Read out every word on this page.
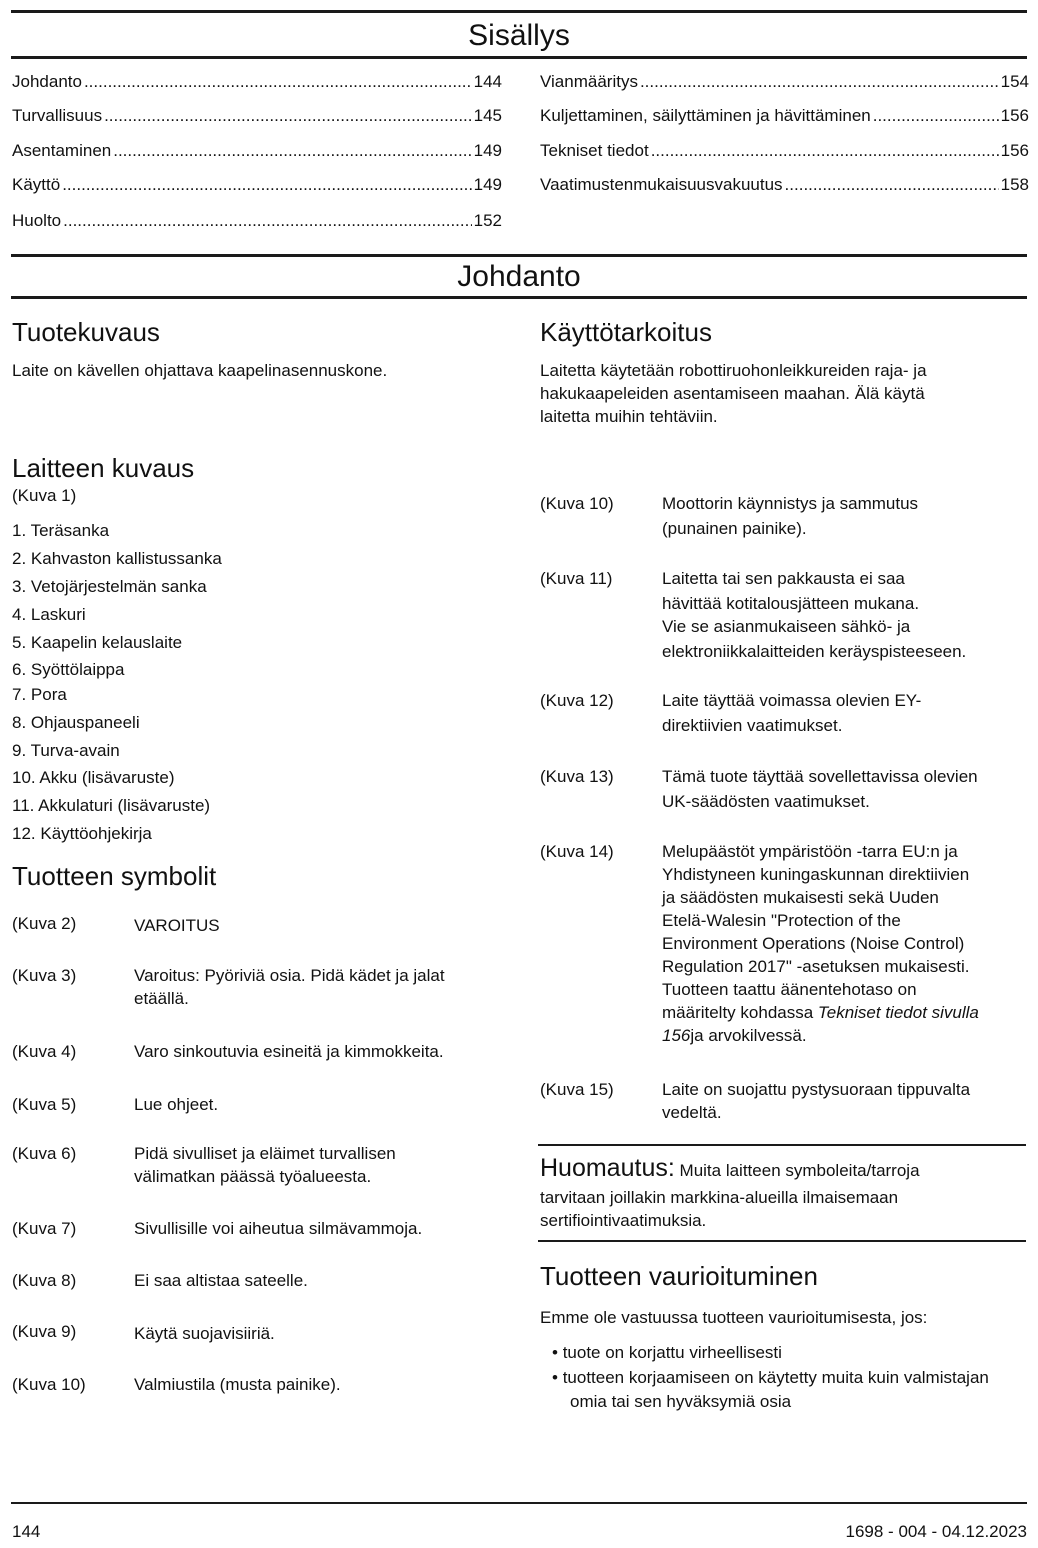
Sisällys
Johdanto .....	144
Turvallisuus .....	145
Asentaminen .....	149
Käyttö .....	149
Huolto .....	152
Vianmääritys .....	154
Kuljettaminen, säilyttäminen ja hävittäminen .....	156
Tekniset tiedot .....	156
Vaatimustenmukaisuusvakuutus .....	158
Johdanto
Tuotekuvaus
Laite on kävellen ohjattava kaapelinasennuskone.
Laitteen kuvaus
(Kuva 1)
1. Teräsanka
2. Kahvaston kallistussanka
3. Vetojärjestelmän sanka
4. Laskuri
5. Kaapelin kelauslaite
6. Syöttölaippa
7. Pora
8. Ohjauspaneeli
9. Turva-avain
10. Akku (lisävaruste)
11. Akkulaturi (lisävaruste)
12. Käyttöohjekirja
Tuotteen symbolit
(Kuva 2)	VAROITUS
(Kuva 3)	Varoitus: Pyöriviä osia. Pidä kädet ja jalat
etäällä.
(Kuva 4)	Varo sinkoutuvia esineitä ja kimmokkeita.
(Kuva 5)	Lue ohjeet.
(Kuva 6)	Pidä sivulliset ja eläimet turvallisen
välimatkan päässä työalueesta.
(Kuva 7)	Sivullisille voi aiheutua silmävammoja.
(Kuva 8)	Ei saa altistaa sateelle.
(Kuva 9)	Käytä suojavisiiriä.
(Kuva 10)	Valmiustila (musta painike).
Käyttötarkoitus
Laitetta käytetään robottiruohonleikkureiden raja- ja
hakukaapeleiden asentamiseen maahan. Älä käytä
laitetta muihin tehtäviin.
(Kuva 10)	Moottorin käynnistys ja sammutus
(punainen painike).
(Kuva 11)	Laitetta tai sen pakkausta ei saa
hävittää kotitalousjätteen mukana.
Vie se asianmukaiseen sähkö- ja
elektroniikkalaitteiden keräyspisteeseen.
(Kuva 12)	Laite täyttää voimassa olevien EY-
direktiivien vaatimukset.
(Kuva 13)	Tämä tuote täyttää sovellettavissa olevien
UK-säädösten vaatimukset.
(Kuva 14)	Melupäästöt ympäristöön -tarra EU:n ja
Yhdistyneen kuningaskunnan direktiivien
ja säädösten mukaisesti sekä Uuden
Etelä-Walesin "Protection of the
Environment Operations (Noise Control)
Regulation 2017" -asetuksen mukaisesti.
Tuotteen taattu äänentehotaso on
määritelty kohdassa Tekniset tiedot sivulla
156ja arvokilvessä.
(Kuva 15)	Laite on suojattu pystysuoraan tippuvalta
vedeltä.
Huomautus: Muita laitteen symboleita/tarroja
tarvitaan joillakin markkina-alueilla ilmaisemaan
sertifiointivaatimuksia.
Tuotteen vaurioituminen
Emme ole vastuussa tuotteen vaurioitumisesta, jos:
• tuote on korjattu virheellisesti
• tuotteen korjaamiseen on käytetty muita kuin valmistajan omia tai sen hyväksymiä osia
144	1698 - 004 - 04.12.2023
